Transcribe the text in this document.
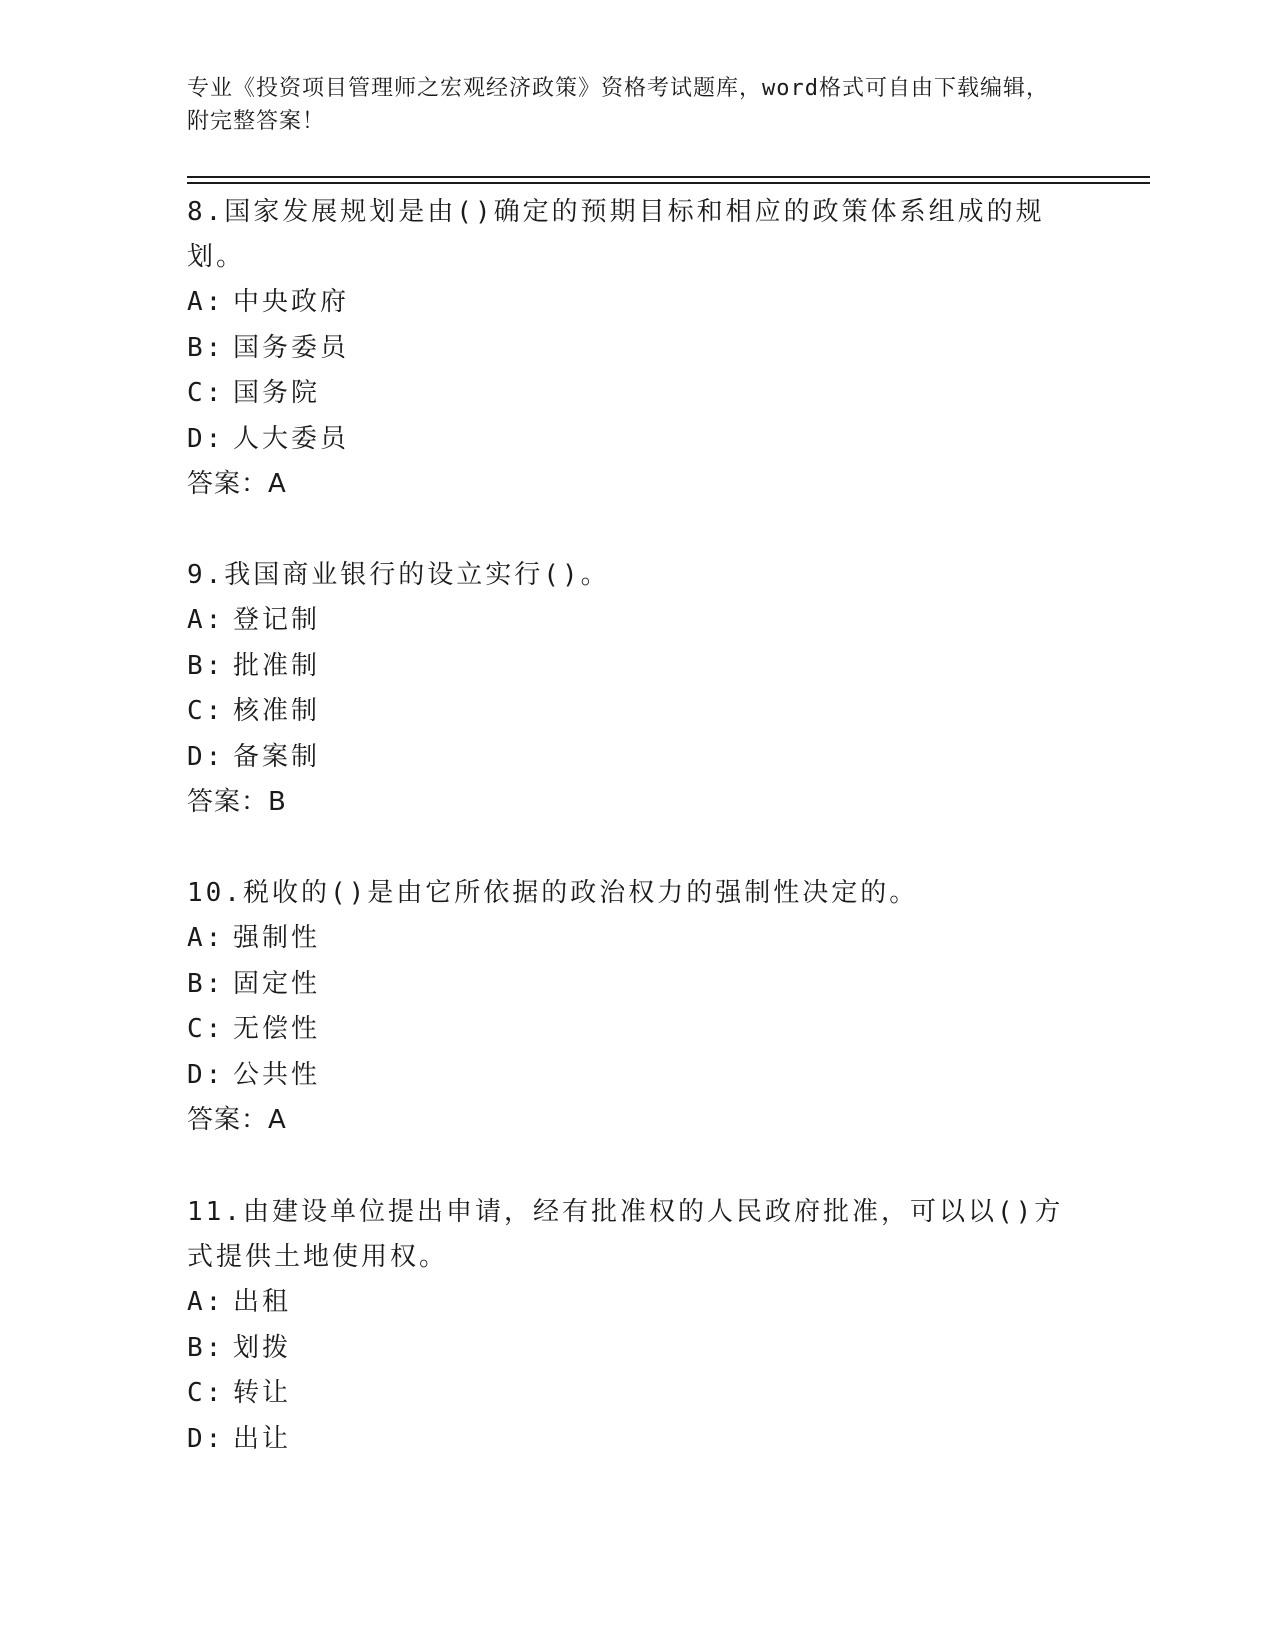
专业《投资项目管理师之宏观经济政策》资格考试题库，word格式可自由下载编辑，附完整答案！

8.国家发展规划是由()确定的预期目标和相应的政策体系组成的规划。

A: 中央政府
B: 国务委员
C: 国务院
D: 人大委员
答案：A

9.我国商业银行的设立实行()。

A: 登记制
B: 批准制
C: 核准制
D: 备案制
答案：B

10.税收的()是由它所依据的政治权力的强制性决定的。

A: 强制性
B: 固定性
C: 无偿性
D: 公共性
答案：A

11.由建设单位提出申请，经有批准权的人民政府批准，可以以()方式提供土地使用权。

A: 出租
B: 划拨
C: 转让
D: 出让
